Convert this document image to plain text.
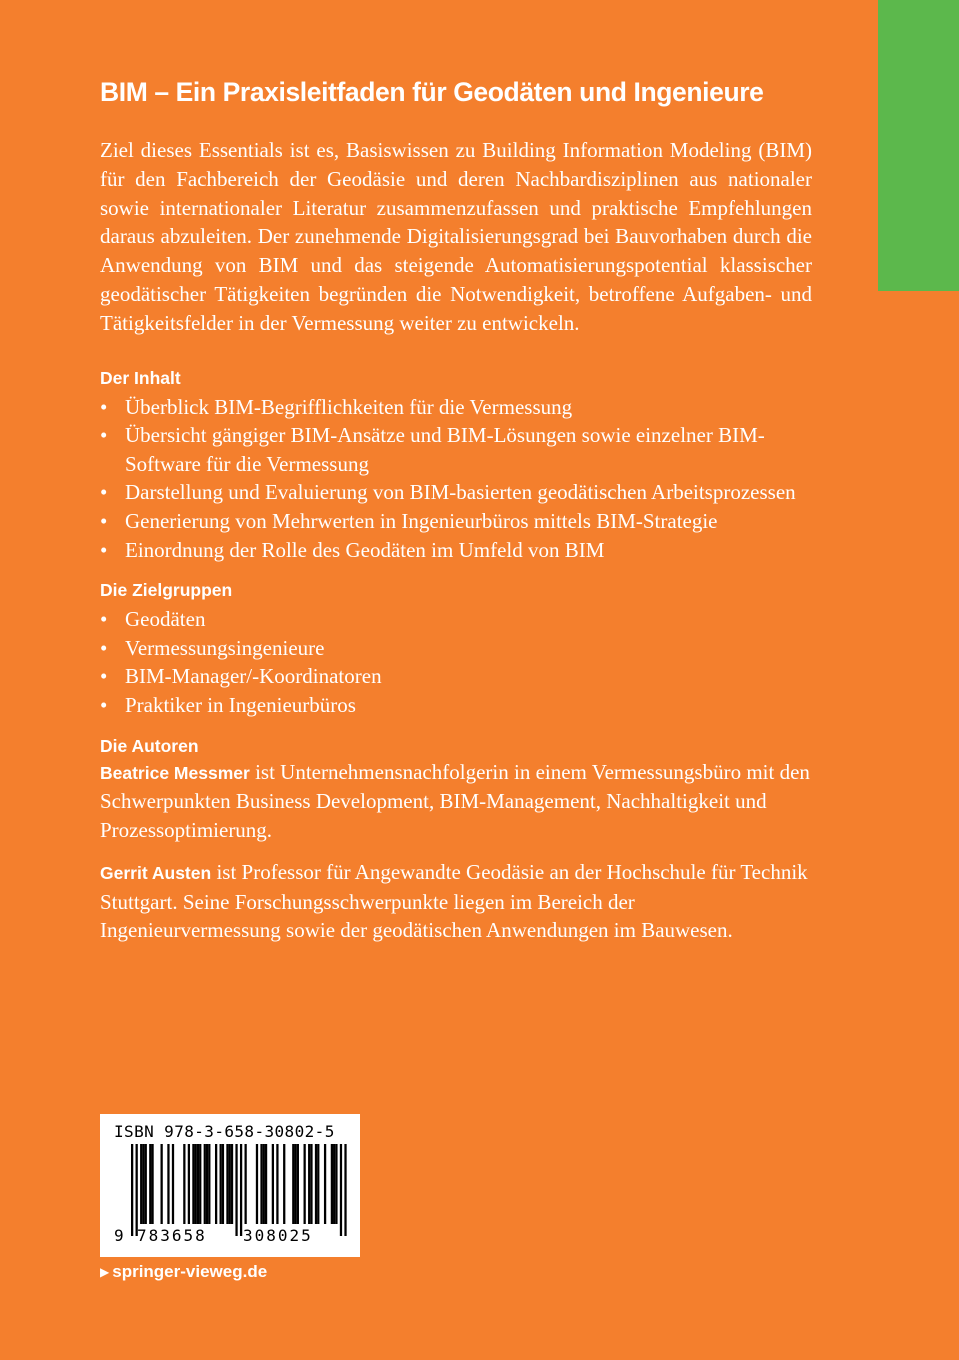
BIM – Ein Praxisleitfaden für Geodäten und Ingenieure

Ziel dieses Essentials ist es, Basiswissen zu Building Information Modeling (BIM) für den Fachbereich der Geodäsie und deren Nachbardisziplinen aus nationaler sowie internationaler Literatur zusammenzufassen und praktische Empfehlungen daraus abzuleiten. Der zunehmende Digitalisierungsgrad bei Bauvorhaben durch die Anwendung von BIM und das steigende Automatisierungspotential klassischer geodätischer Tätigkeiten begründen die Notwendigkeit, betroffene Aufgaben- und Tätigkeitsfelder in der Vermessung weiter zu entwickeln.

Der Inhalt
• Überblick BIM-Begrifflichkeiten für die Vermessung
• Übersicht gängiger BIM-Ansätze und BIM-Lösungen sowie einzelner BIM-Software für die Vermessung
• Darstellung und Evaluierung von BIM-basierten geodätischen Arbeitsprozessen
• Generierung von Mehrwerten in Ingenieurbüros mittels BIM-Strategie
• Einordnung der Rolle des Geodäten im Umfeld von BIM
Die Zielgruppen
• Geodäten
• Vermessungsingenieure
• BIM-Manager/-Koordinatoren
• Praktiker in Ingenieurbüros
Die Autoren

Beatrice Messmer ist Unternehmensnachfolgerin in einem Vermessungsbüro mit den Schwerpunkten Business Development, BIM-Management, Nachhaltigkeit und Prozessoptimierung.

Gerrit Austen ist Professor für Angewandte Geodäsie an der Hochschule für Technik Stuttgart. Seine Forschungsschwerpunkte liegen im Bereich der Ingenieurvermessung sowie der geodätischen Anwendungen im Bauwesen.

ISBN 978-3-658-30802-5
9 783658 308025
▶ springer-vieweg.de
